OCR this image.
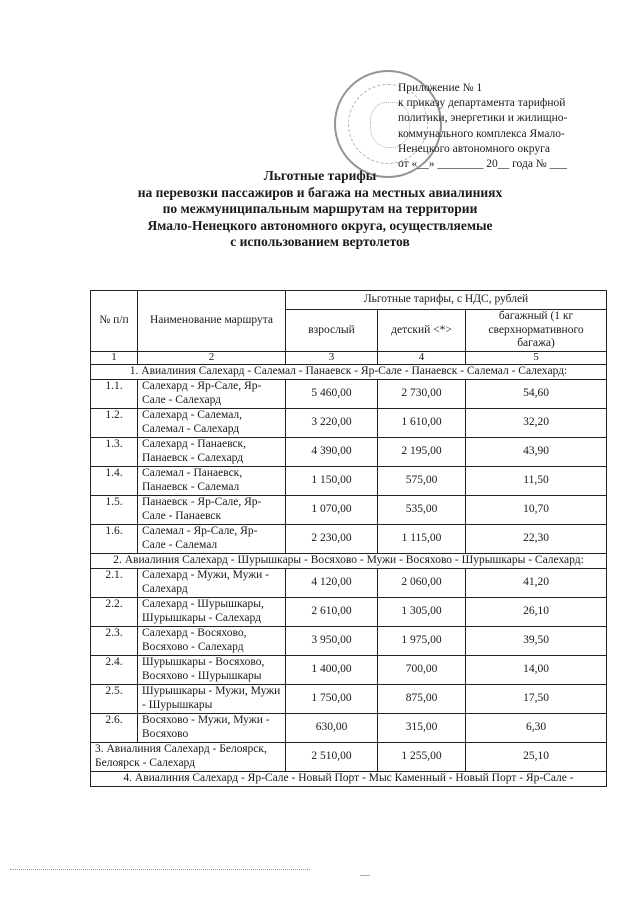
Приложение № 1
к приказу департамента тарифной
политики, энергетики и жилищно-
коммунального комплекса Ямало-
Ненецкого автономного округа
от «__» ________ 20__ года № ___
Льготные тарифы
на перевозки пассажиров и багажа на местных авиалиниях
по межмуниципальным маршрутам на территории
Ямало-Ненецкого автономного округа, осуществляемые
с использованием вертолетов
№ п/п	Наименование маршрута	Льготные тарифы, с НДС, рублей		
		взрослый	детский <*>	багажный (1 кг сверхнормативного багажа)
1	2	3	4	5
1. Авиалиния Салехард - Салемал - Панаевск - Яр-Сале - Панаевск - Салемал - Салехард:				
1.1.	Салехард - Яр-Сале, Яр-Сале - Салехард	5 460,00	2 730,00	54,60
1.2.	Салехард - Салемал, Салемал - Салехард	3 220,00	1 610,00	32,20
1.3.	Салехард - Панаевск, Панаевск - Салехард	4 390,00	2 195,00	43,90
1.4.	Салемал - Панаевск, Панаевск - Салемал	1 150,00	575,00	11,50
1.5.	Панаевск - Яр-Сале, Яр-Сале - Панаевск	1 070,00	535,00	10,70
1.6.	Салемал - Яр-Сале, Яр-Сале - Салемал	2 230,00	1 115,00	22,30
2. Авиалиния Салехард - Шурышкары - Восяхово - Мужи - Восяхово - Шурышкары - Салехард:				
2.1.	Салехард - Мужи, Мужи - Салехард	4 120,00	2 060,00	41,20
2.2.	Салехард - Шурышкары, Шурышкары - Салехард	2 610,00	1 305,00	26,10
2.3.	Салехард - Восяхово, Восяхово - Салехард	3 950,00	1 975,00	39,50
2.4.	Шурышкары - Восяхово, Восяхово - Шурышкары	1 400,00	700,00	14,00
2.5.	Шурышкары - Мужи, Мужи - Шурышкары	1 750,00	875,00	17,50
2.6.	Восяхово - Мужи, Мужи - Восяхово	630,00	315,00	6,30
3. Авиалиния Салехард - Белоярск, Белоярск - Салехард		2 510,00	1 255,00	25,10
4. Авиалиния Салехард - Яр-Сале - Новый Порт - Мыс Каменный - Новый Порт - Яр-Сале -				
